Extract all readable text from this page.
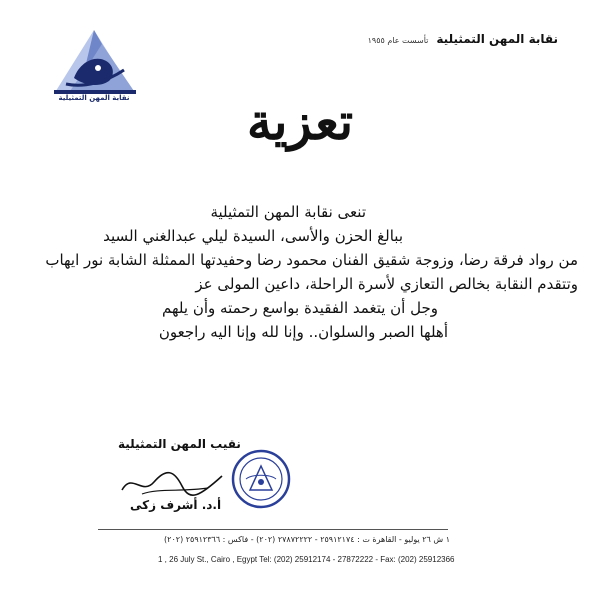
نقابة المهن التمثيلية
تأسست عام ١٩٥٥
نقابة المهن التمثيلية	تعزية
تنعى نقابة المهن التمثيلية
ببالغ الحزن والأسى، السيدة ليلي عبدالغني السيد
من رواد فرقة رضا، وزوجة شقيق الفنان محمود رضا وحفيدتها الممثلة الشابة نور ايهاب
وتتقدم النقابة بخالص التعازي لأسرة الراحلة، داعين المولى عز
وجل أن يتغمد الفقيدة بواسع رحمته وأن يلهم
أهلها الصبر والسلوان.. وإنا لله وإنا اليه راجعون
نقيب المهن التمثيلية
أ.د. أشرف زكى
١ ش ٢٦ يوليو - القاهرة ت : ٢٥٩١٢١٧٤ - ٢٧٨٧٢٢٢٢ (٢٠٢) - فاكس : ٢٥٩١٢٣٦٦ (٢٠٢)
1 , 26 July St., Cairo , Egypt Tel: (202) 25912174 - 27872222 - Fax: (202) 25912366
